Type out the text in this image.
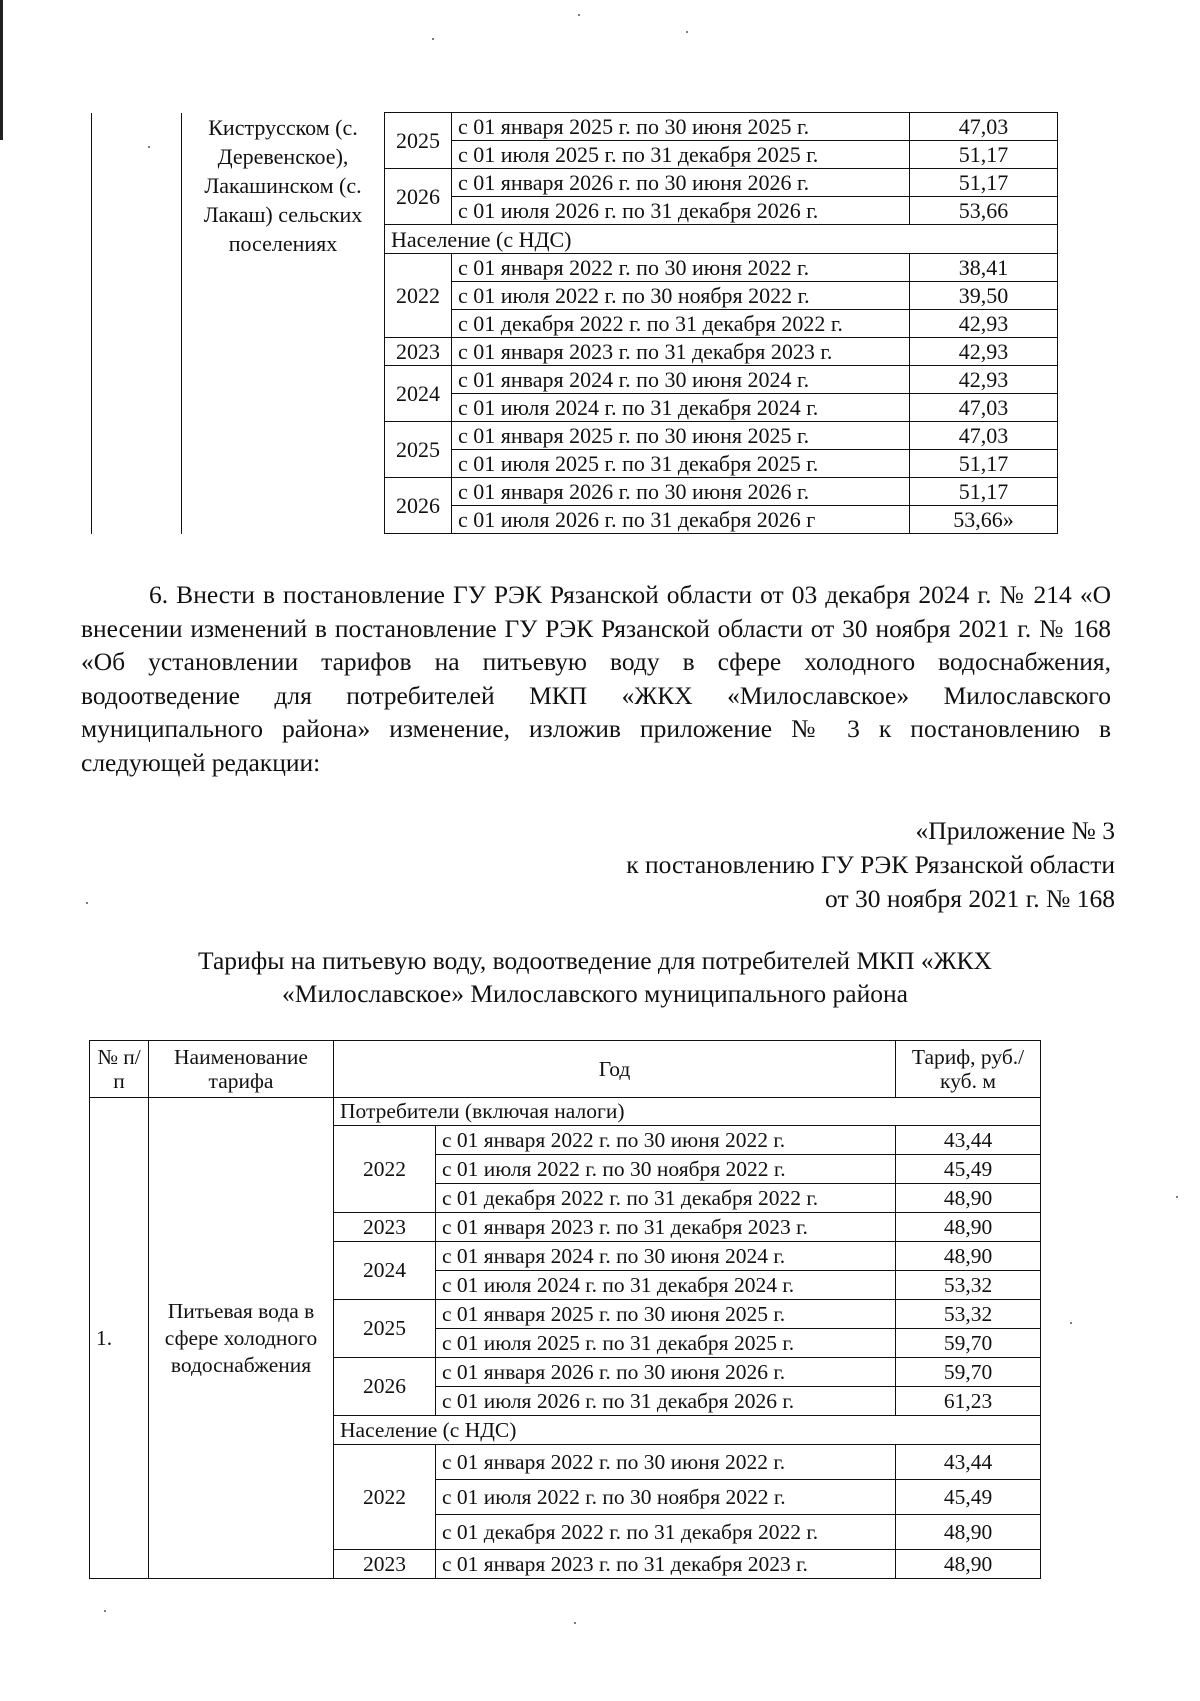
	Киструсском (с. Деревенское), Лакашинском (с. Лакаш) сельских поселениях	2025	с 01 января 2025 г. по 30 июня 2025 г.	47,03
			с 01 июля 2025 г. по 31 декабря 2025 г.	51,17
		2026	с 01 января 2026 г. по 30 июня 2026 г.	51,17
			с 01 июля 2026 г. по 31 декабря 2026 г.	53,66
		Население (с НДС)		
		2022	с 01 января 2022 г. по 30 июня 2022 г.	38,41
			с 01 июля 2022 г. по 30 ноября 2022 г.	39,50
			с 01 декабря 2022 г. по 31 декабря 2022 г.	42,93
		2023	с 01 января 2023 г. по 31 декабря 2023 г.	42,93
		2024	с 01 января 2024 г. по 30 июня 2024 г.	42,93
			с 01 июля 2024 г. по 31 декабря 2024 г.	47,03
		2025	с 01 января 2025 г. по 30 июня 2025 г.	47,03
			с 01 июля 2025 г. по 31 декабря 2025 г.	51,17
		2026	с 01 января 2026 г. по 30 июня 2026 г.	51,17
			с 01 июля 2026 г. по 31 декабря 2026 г	53,66»
6. Внести в постановление ГУ РЭК Рязанской области от 03 декабря 2024 г. № 214 «О внесении изменений в постановление ГУ РЭК Рязанской области от 30 ноября 2021 г. № 168 «Об установлении тарифов на питьевую воду в сфере холодного водоснабжения, водоотведение для потребителей МКП «ЖКХ «Милославское» Милославского муниципального района» изменение, изложив приложение № 3 к постановлению в следующей редакции:
«Приложение № 3
к постановлению ГУ РЭК Рязанской области
от 30 ноября 2021 г. № 168
Тарифы на питьевую воду, водоотведение для потребителей МКП «ЖКХ
«Милославское» Милославского муниципального района
№ п/п	Наименование тарифа	Год		Тариф, руб./куб. м
1.	Питьевая вода в сфере холодного водоснабжения	Потребители (включая налоги)		
		2022	с 01 января 2022 г. по 30 июня 2022 г.	43,44
			с 01 июля 2022 г. по 30 ноября 2022 г.	45,49
			с 01 декабря 2022 г. по 31 декабря 2022 г.	48,90
		2023	с 01 января 2023 г. по 31 декабря 2023 г.	48,90
		2024	с 01 января 2024 г. по 30 июня 2024 г.	48,90
			с 01 июля 2024 г. по 31 декабря 2024 г.	53,32
		2025	с 01 января 2025 г. по 30 июня 2025 г.	53,32
			с 01 июля 2025 г. по 31 декабря 2025 г.	59,70
		2026	с 01 января 2026 г. по 30 июня 2026 г.	59,70
			с 01 июля 2026 г. по 31 декабря 2026 г.	61,23
		Население (с НДС)		
		2022	с 01 января 2022 г. по 30 июня 2022 г.	43,44
			с 01 июля 2022 г. по 30 ноября 2022 г.	45,49
			с 01 декабря 2022 г. по 31 декабря 2022 г.	48,90
		2023	с 01 января 2023 г. по 31 декабря 2023 г.	48,90
